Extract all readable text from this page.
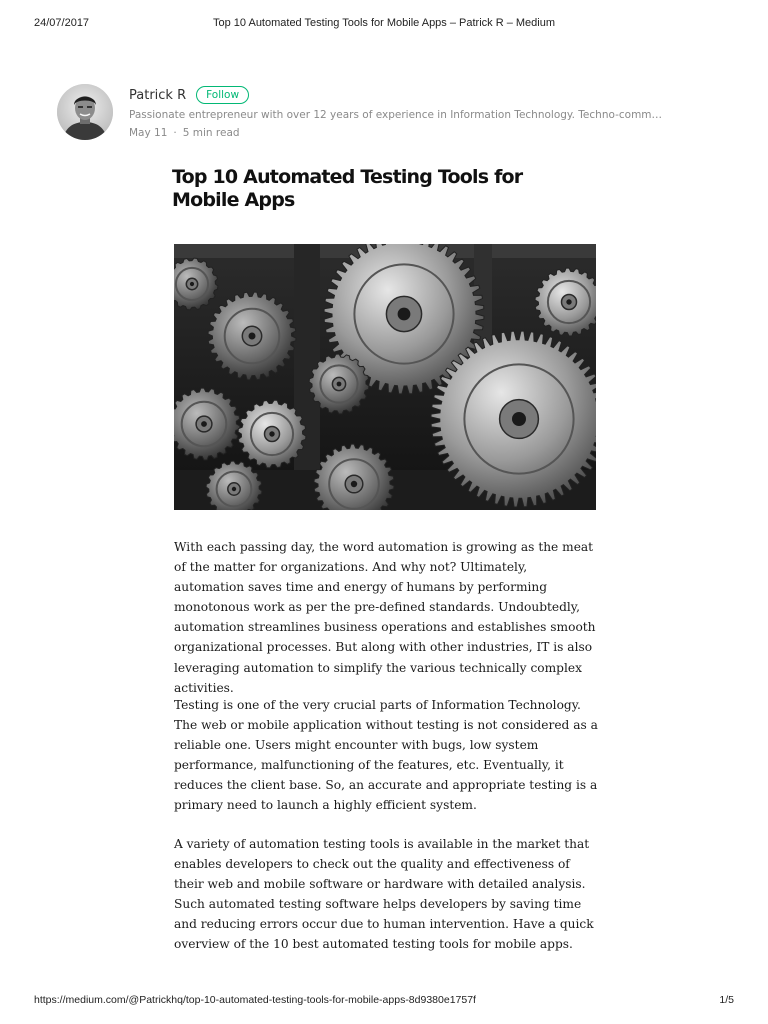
24/07/2017	Top 10 Automated Testing Tools for Mobile Apps – Patrick R – Medium
Patrick R	Follow
Passionate entrepreneur with over 12 years of experience in Information Technology. Techno-comm…
May 11 · 5 min read
Top 10 Automated Testing Tools for Mobile Apps

With each passing day, the word automation is growing as the meat of the matter for organizations. And why not? Ultimately, automation saves time and energy of humans by performing monotonous work as per the pre-defined standards. Undoubtedly, automation streamlines business operations and establishes smooth organizational processes. But along with other industries, IT is also leveraging automation to simplify the various technically complex activities.

Testing is one of the very crucial parts of Information Technology. The web or mobile application without testing is not considered as a reliable one. Users might encounter with bugs, low system performance, malfunctioning of the features, etc. Eventually, it reduces the client base. So, an accurate and appropriate testing is a primary need to launch a highly efficient system.

A variety of automation testing tools is available in the market that enables developers to check out the quality and effectiveness of their web and mobile software or hardware with detailed analysis. Such automated testing software helps developers by saving time and reducing errors occur due to human intervention. Have a quick overview of the 10 best automated testing tools for mobile apps.

https://medium.com/@Patrickhq/top-10-automated-testing-tools-for-mobile-apps-8d9380e1757f	1/5
